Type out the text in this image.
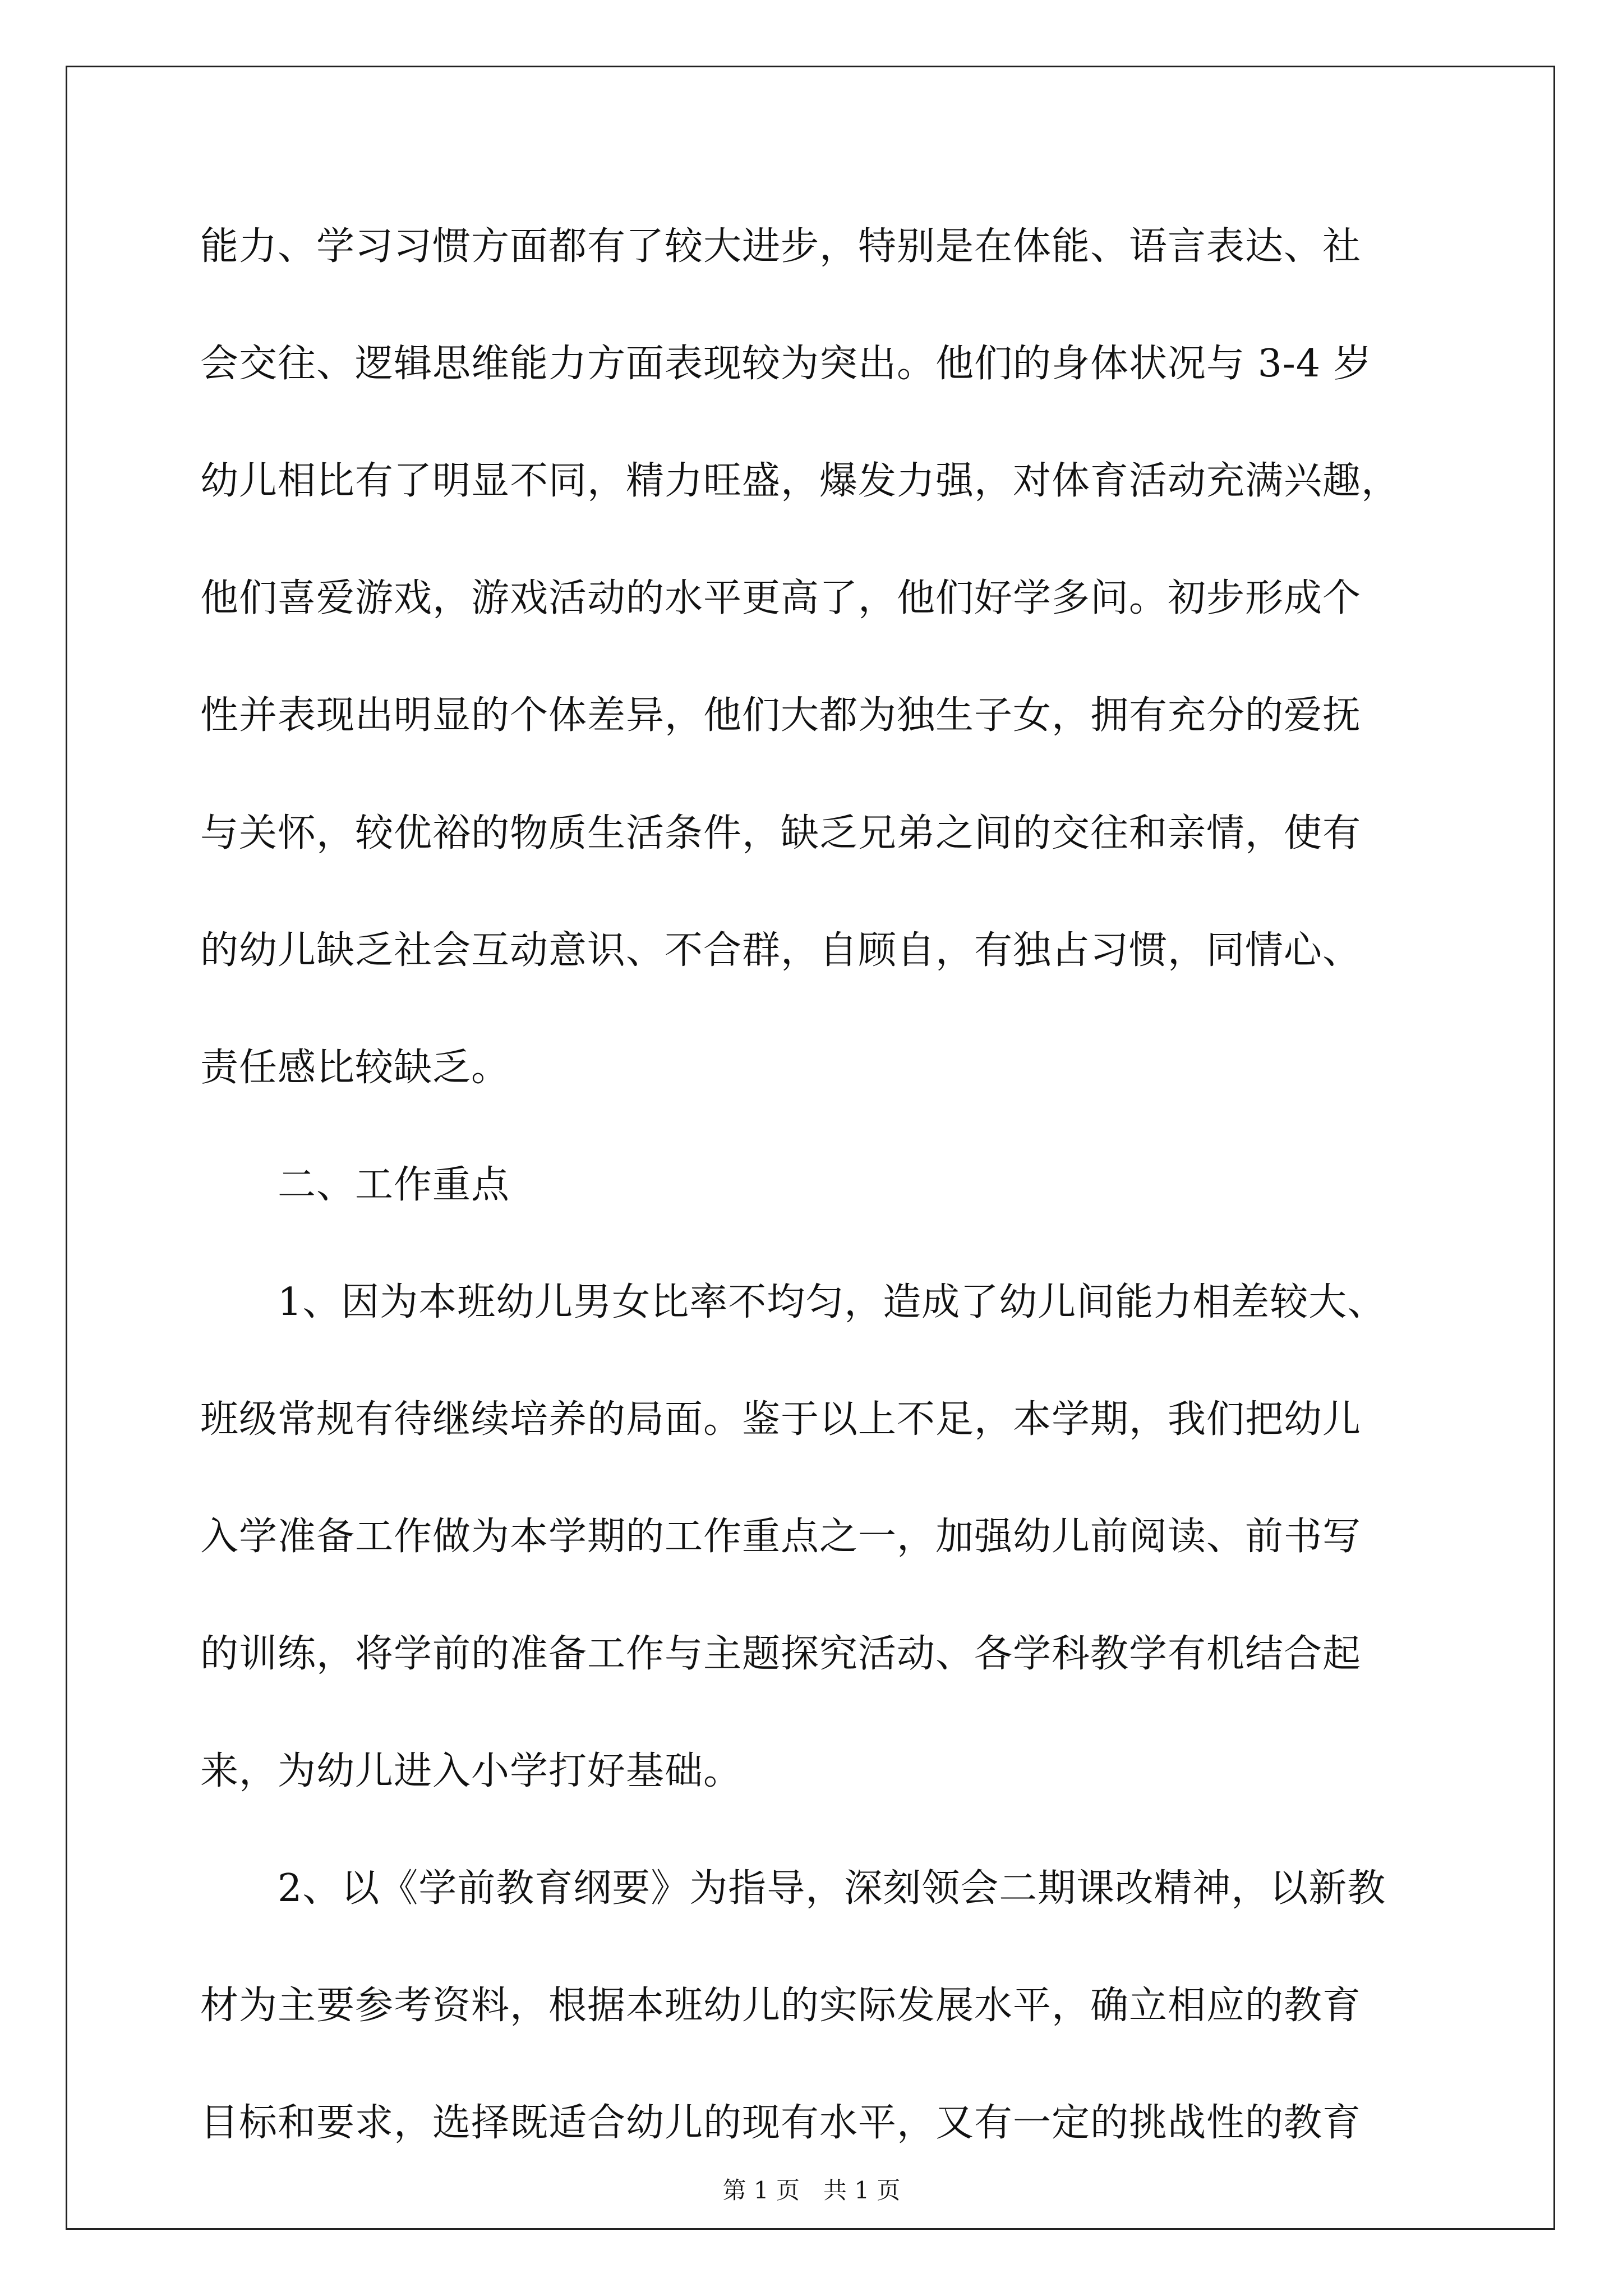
能力、学习习惯方面都有了较大进步，特别是在体能、语言表达、社
会交往、逻辑思维能力方面表现较为突出。他们的身体状况与 3-4 岁
幼儿相比有了明显不同，精力旺盛，爆发力强，对体育活动充满兴趣，
他们喜爱游戏，游戏活动的水平更高了，他们好学多问。初步形成个
性并表现出明显的个体差异，他们大都为独生子女，拥有充分的爱抚
与关怀，较优裕的物质生活条件，缺乏兄弟之间的交往和亲情，使有
的幼儿缺乏社会互动意识、不合群，自顾自，有独占习惯，同情心、
责任感比较缺乏。
　　二、工作重点
　　1、因为本班幼儿男女比率不均匀，造成了幼儿间能力相差较大、
班级常规有待继续培养的局面。鉴于以上不足，本学期，我们把幼儿
入学准备工作做为本学期的工作重点之一，加强幼儿前阅读、前书写
的训练，将学前的准备工作与主题探究活动、各学科教学有机结合起
来，为幼儿进入小学打好基础。
　　2、以《学前教育纲要》为指导，深刻领会二期课改精神，以新教
材为主要参考资料，根据本班幼儿的实际发展水平，确立相应的教育
目标和要求，选择既适合幼儿的现有水平，又有一定的挑战性的教育
第 1 页　共 1 页
